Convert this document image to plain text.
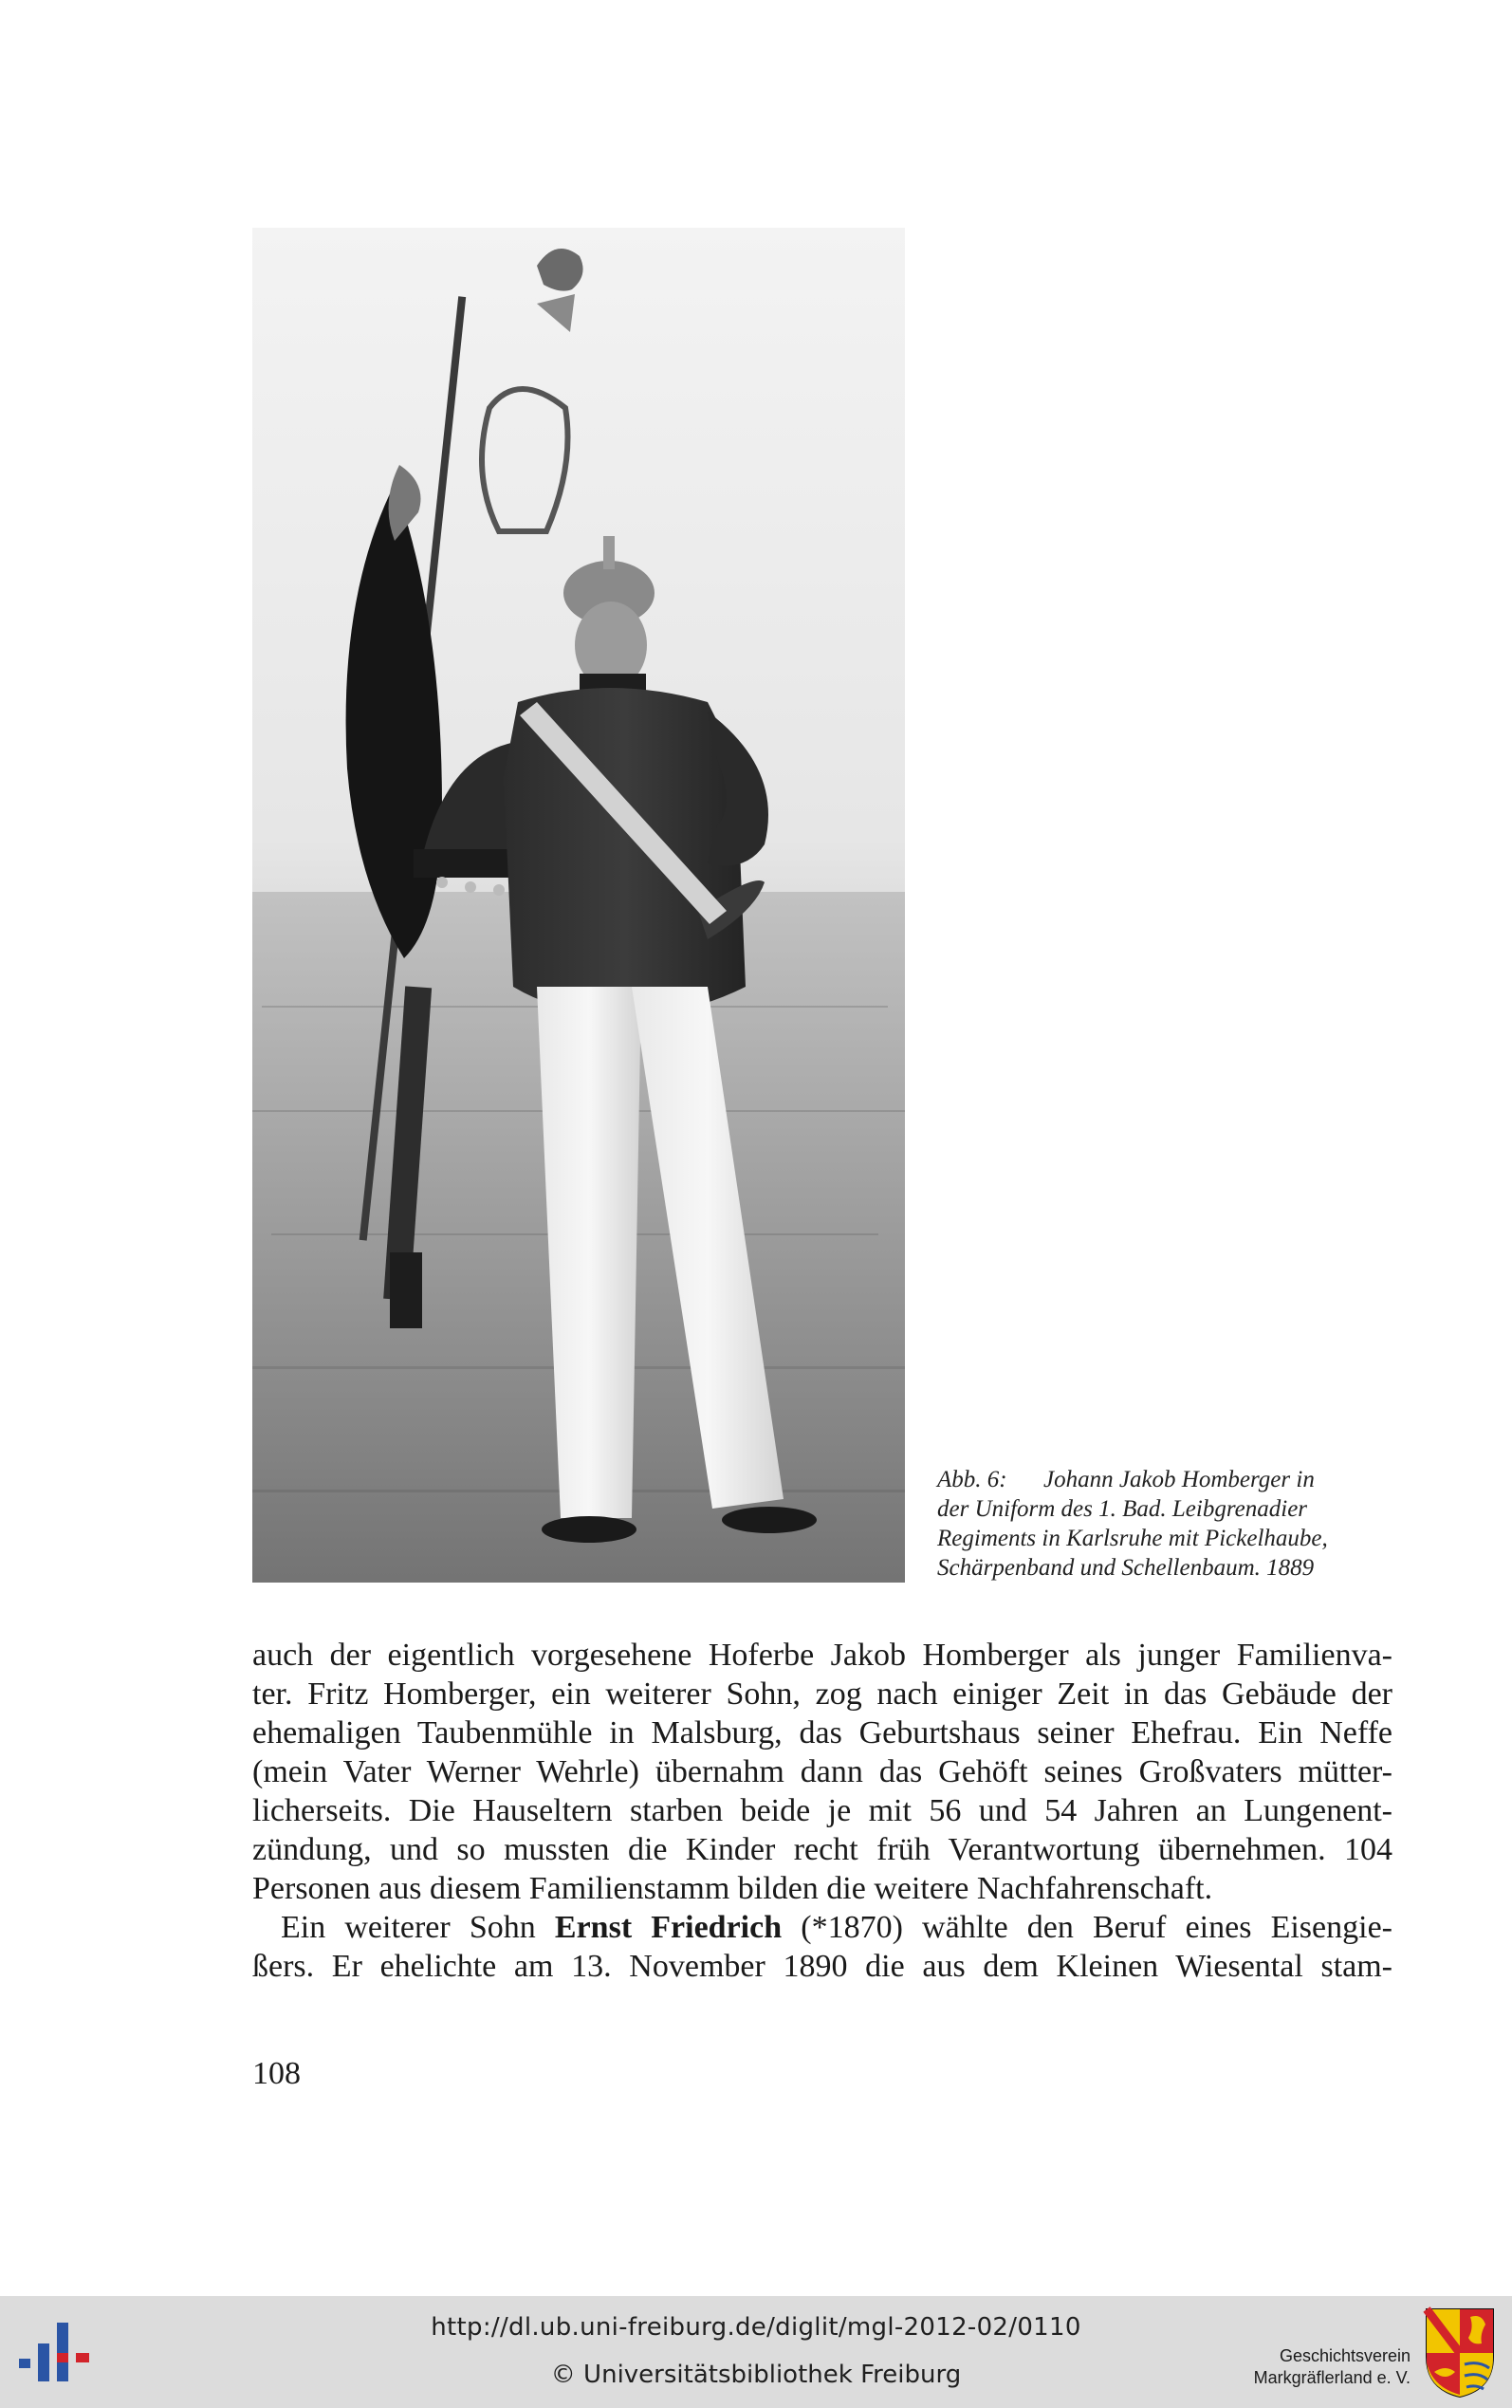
Abb. 6:	Johann Jakob Homberger in
der Uniform des 1. Bad. Leibgrenadier
Regiments in Karlsruhe mit Pickelhaube,
Schärpenband und Schellenbaum. 1889

auch der eigentlich vorgesehene Hoferbe Jakob Homberger als junger Familienva-
ter. Fritz Homberger, ein weiterer Sohn, zog nach einiger Zeit in das Gebäude der
ehemaligen Taubenmühle in Malsburg, das Geburtshaus seiner Ehefrau. Ein Neffe
(mein Vater Werner Wehrle) übernahm dann das Gehöft seines Großvaters mütter-
licherseits. Die Hauseltern starben beide je mit 56 und 54 Jahren an Lungenent-
zündung, und so mussten die Kinder recht früh Verantwortung übernehmen. 104
Personen aus diesem Familienstamm bilden die weitere Nachfahrenschaft.

Ein weiterer Sohn Ernst Friedrich (*1870) wählte den Beruf eines Eisengie-
ßers. Er ehelichte am 13. November 1890 die aus dem Kleinen Wiesental stam-

108
http://dl.ub.uni-freiburg.de/diglit/mgl-2012-02/0110
© Universitätsbibliothek Freiburg
Geschichtsverein
Markgräflerland e. V.
